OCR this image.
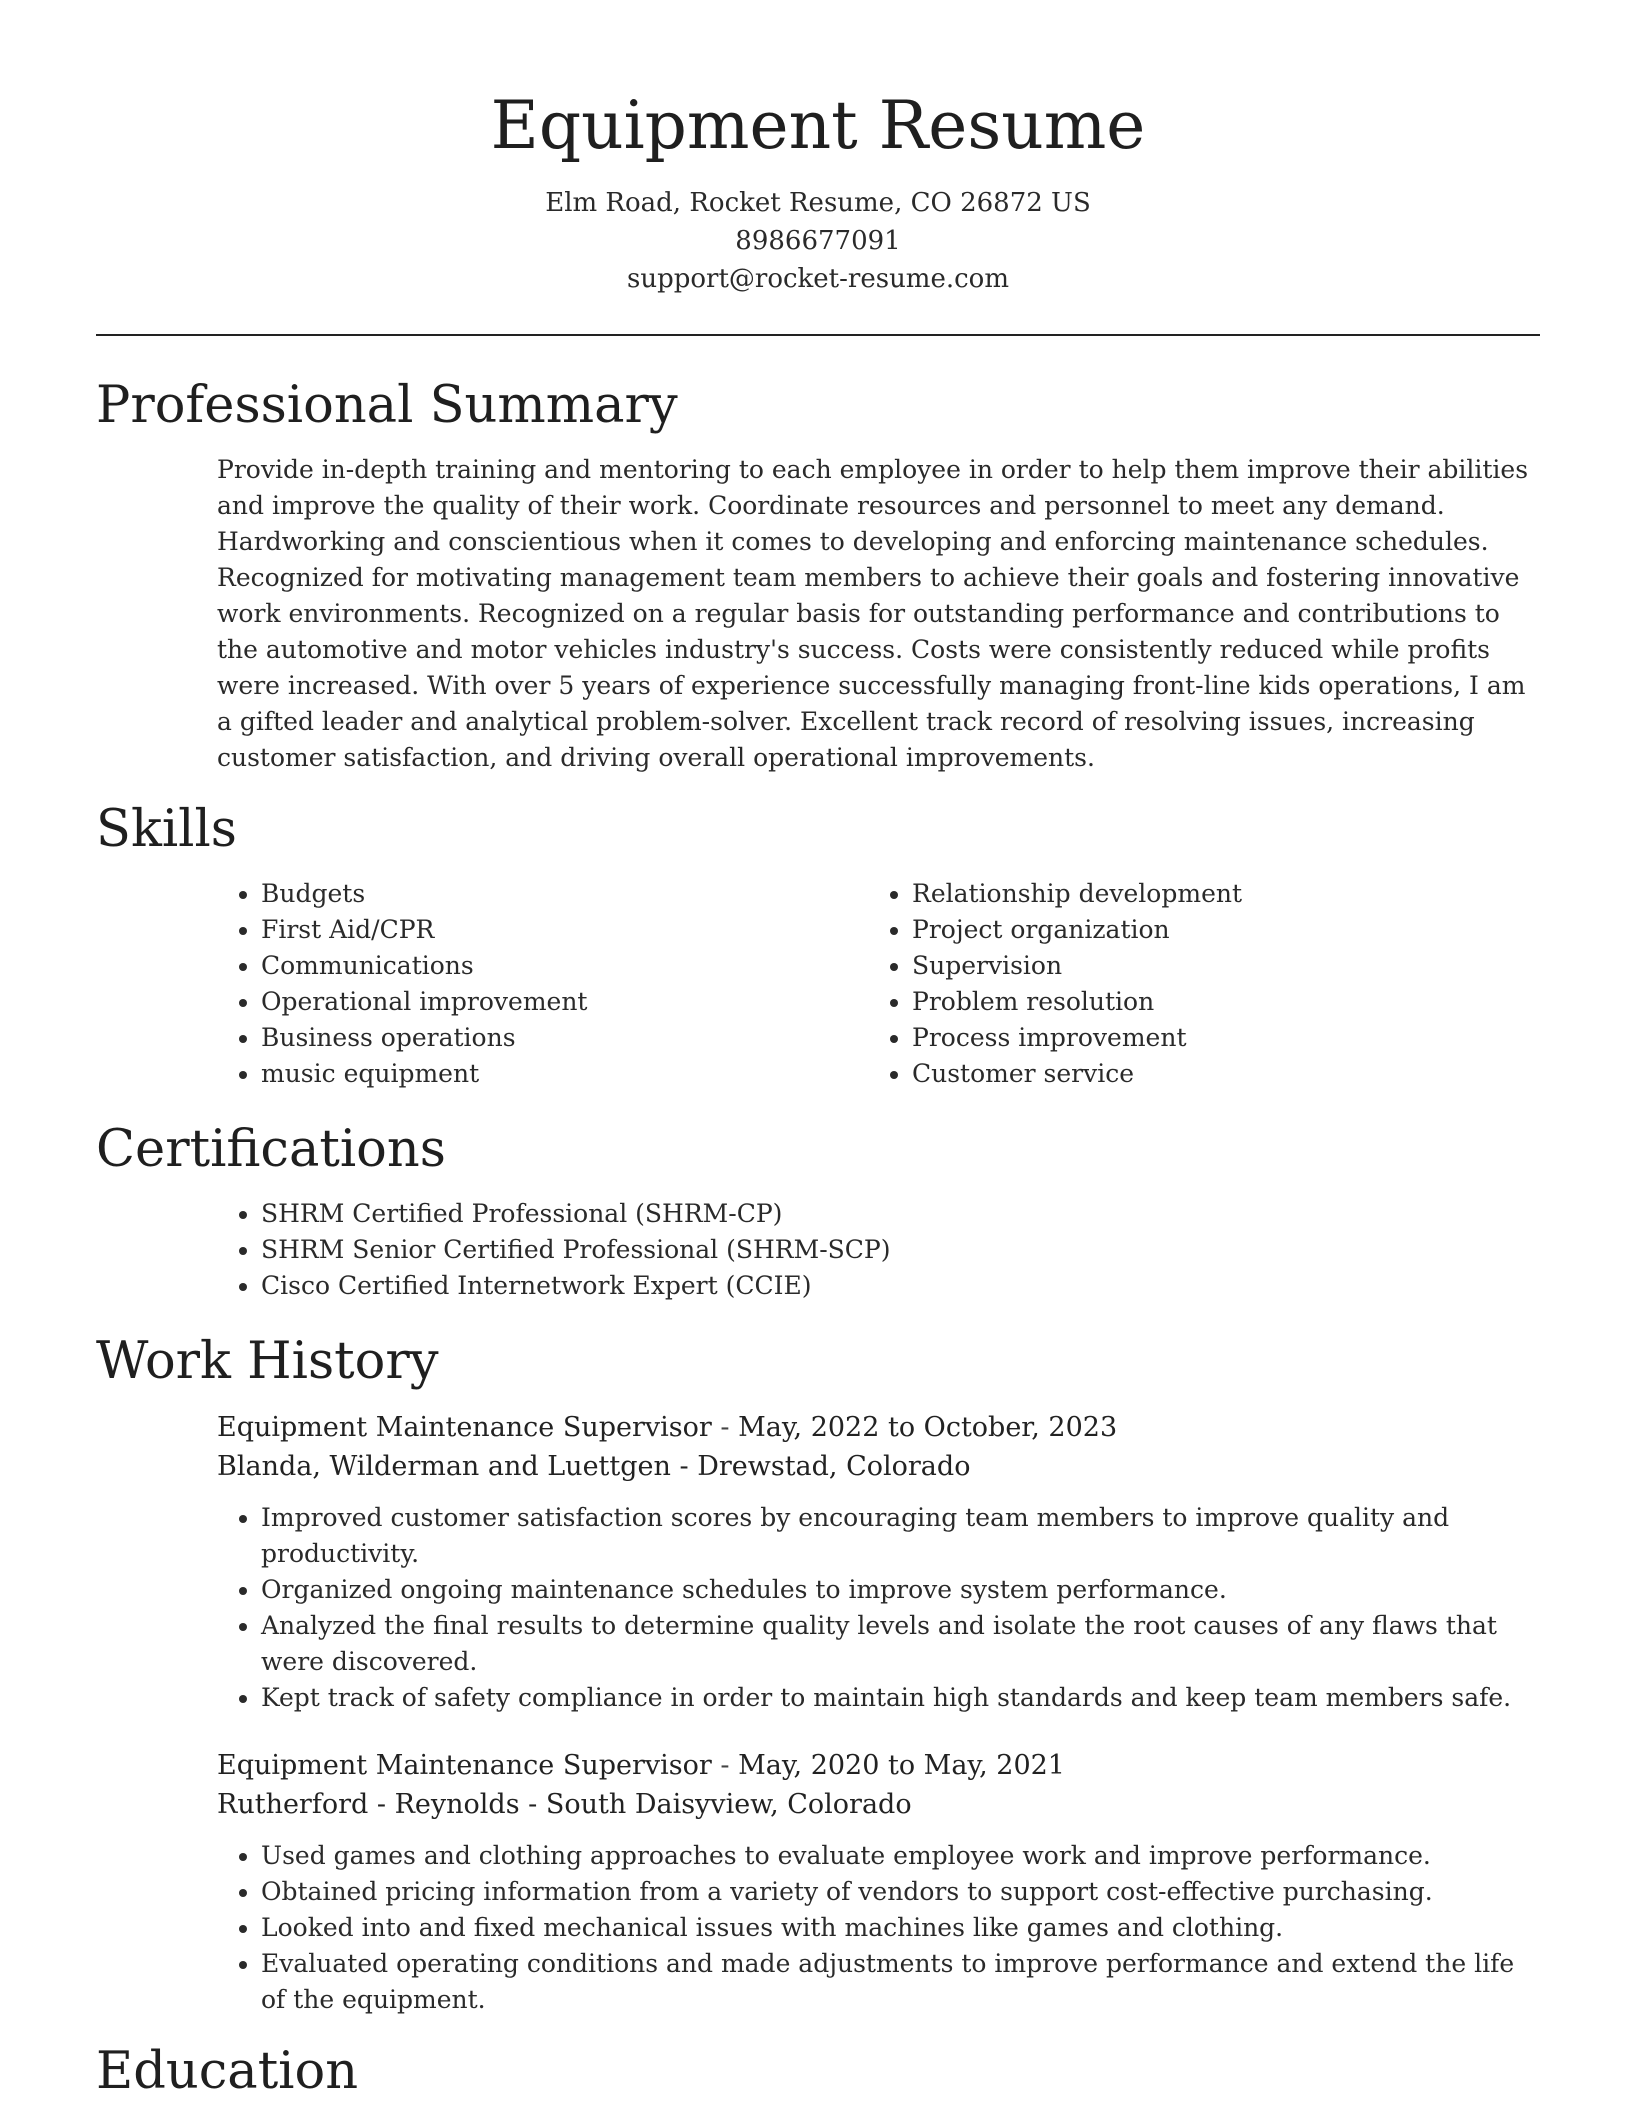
Equipment Resume
Elm Road, Rocket Resume, CO 26872 US
8986677091
support@rocket-resume.com
Professional Summary
Provide in-depth training and mentoring to each employee in order to help them improve their abilities and improve the quality of their work. Coordinate resources and personnel to meet any demand. Hardworking and conscientious when it comes to developing and enforcing maintenance schedules. Recognized for motivating management team members to achieve their goals and fostering innovative work environments. Recognized on a regular basis for outstanding performance and contributions to the automotive and motor vehicles industry's success. Costs were consistently reduced while profits were increased. With over 5 years of experience successfully managing front-line kids operations, I am a gifted leader and analytical problem-solver. Excellent track record of resolving issues, increasing customer satisfaction, and driving overall operational improvements.
Skills
• Budgets
• First Aid/CPR
• Communications
• Operational improvement
• Business operations
• music equipment
• Relationship development
• Project organization
• Supervision
• Problem resolution
• Process improvement
• Customer service
Certifications
• SHRM Certified Professional (SHRM-CP)
• SHRM Senior Certified Professional (SHRM-SCP)
• Cisco Certified Internetwork Expert (CCIE)
Work History
Equipment Maintenance Supervisor - May, 2022 to October, 2023
Blanda, Wilderman and Luettgen - Drewstad, Colorado
• Improved customer satisfaction scores by encouraging team members to improve quality and productivity.
• Organized ongoing maintenance schedules to improve system performance.
• Analyzed the final results to determine quality levels and isolate the root causes of any flaws that were discovered.
• Kept track of safety compliance in order to maintain high standards and keep team members safe.
Equipment Maintenance Supervisor - May, 2020 to May, 2021
Rutherford - Reynolds - South Daisyview, Colorado
• Used games and clothing approaches to evaluate employee work and improve performance.
• Obtained pricing information from a variety of vendors to support cost-effective purchasing.
• Looked into and fixed mechanical issues with machines like games and clothing.
• Evaluated operating conditions and made adjustments to improve performance and extend the life of the equipment.
Education
